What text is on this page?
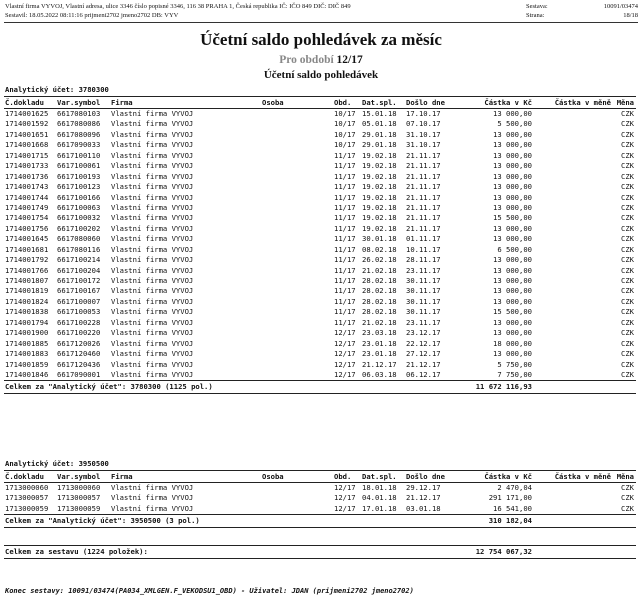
Vlastní firma VYVOJ, Vlastní adresa, ulice 3346 číslo popisné 3346, 116 38 PRAHA 1, Česká republika IČ: IČO 849 DIČ: DIČ 849
Sestavil: 18.05.2022 08:11:16 prijmeni2702 jmeno2702 DB: VYV
Sestava:	10091/03474
Strana:	18/18
Účetní saldo pohledávek za měsíc
Pro období 12/17
Účetní saldo pohledávek
Analytický účet: 3780300
Č.dokladu Var.symbol Firma	Osoba	Obd. Dat.spl. Došlo dne	Částka v Kč	Částka v měně Měna
1714001625 6617080103 Vlastní firma VYVOJ	10/17 15.01.18 17.10.17	13 000,00	CZK
1714001592 6617080086 Vlastní firma VYVOJ	10/17 05.01.18 07.10.17	5 500,00	CZK
1714001651 6617080096 Vlastní firma VYVOJ	10/17 29.01.18 31.10.17	13 000,00	CZK
1714001668 6617090033 Vlastní firma VYVOJ	10/17 29.01.18 31.10.17	13 000,00	CZK
1714001715 6617100110 Vlastní firma VYVOJ	11/17 19.02.18 21.11.17	13 000,00	CZK
1714001733 6617100061 Vlastní firma VYVOJ	11/17 19.02.18 21.11.17	13 000,00	CZK
1714001736 6617100193 Vlastní firma VYVOJ	11/17 19.02.18 21.11.17	13 000,00	CZK
1714001743 6617100123 Vlastní firma VYVOJ	11/17 19.02.18 21.11.17	13 000,00	CZK
1714001744 6617100166 Vlastní firma VYVOJ	11/17 19.02.18 21.11.17	13 000,00	CZK
1714001749 6617100063 Vlastní firma VYVOJ	11/17 19.02.18 21.11.17	13 000,00	CZK
1714001754 6617100032 Vlastní firma VYVOJ	11/17 19.02.18 21.11.17	15 500,00	CZK
1714001756 6617100202 Vlastní firma VYVOJ	11/17 19.02.18 21.11.17	13 000,00	CZK
1714001645 6617080060 Vlastní firma VYVOJ	11/17 30.01.18 01.11.17	13 000,00	CZK
1714001681 6617080116 Vlastní firma VYVOJ	11/17 08.02.18 10.11.17	6 500,00	CZK
1714001792 6617100214 Vlastní firma VYVOJ	11/17 26.02.18 28.11.17	13 000,00	CZK
1714001766 6617100204 Vlastní firma VYVOJ	11/17 21.02.18 23.11.17	13 000,00	CZK
1714001807 6617100172 Vlastní firma VYVOJ	11/17 28.02.18 30.11.17	13 000,00	CZK
1714001819 6617100167 Vlastní firma VYVOJ	11/17 28.02.18 30.11.17	13 000,00	CZK
1714001824 6617100007 Vlastní firma VYVOJ	11/17 28.02.18 30.11.17	13 000,00	CZK
1714001838 6617100053 Vlastní firma VYVOJ	11/17 28.02.18 30.11.17	15 500,00	CZK
1714001794 6617100228 Vlastní firma VYVOJ	11/17 21.02.18 23.11.17	13 000,00	CZK
1714001900 6617100220 Vlastní firma VYVOJ	12/17 23.03.18 23.12.17	13 000,00	CZK
1714001885 6617120026 Vlastní firma VYVOJ	12/17 23.01.18 22.12.17	18 000,00	CZK
1714001883 6617120460 Vlastní firma VYVOJ	12/17 23.01.18 27.12.17	13 000,00	CZK
1714001859 6617120436 Vlastní firma VYVOJ	12/17 21.12.17 21.12.17	5 750,00	CZK
1714001846 6617090001 Vlastní firma VYVOJ	12/17 06.03.18 06.12.17	7 750,00	CZK
Celkem za "Analytický účet": 3780300 (1125 pol.)	11 672 116,93
Analytický účet: 3950500
Č.dokladu Var.symbol Firma	Osoba	Obd. Dat.spl. Došlo dne	Částka v Kč	Částka v měně Měna
1713000060 1713000060 Vlastní firma VYVOJ	12/17 18.01.18 29.12.17	2 470,04	CZK
1713000057 1713000057 Vlastní firma VYVOJ	12/17 04.01.18 21.12.17	291 171,00	CZK
1713000059 1713000059 Vlastní firma VYVOJ	12/17 17.01.18 03.01.18	16 541,00	CZK
Celkem za "Analytický účet": 3950500 (3 pol.)	310 182,04
Celkem za sestavu (1224 položek):	12 754 067,32
Konec sestavy: 10091/03474(PA034_XMLGEN.F_VEKODSU1_OBD) - Uživatel: JDAN (prijmeni2702 jmeno2702)
